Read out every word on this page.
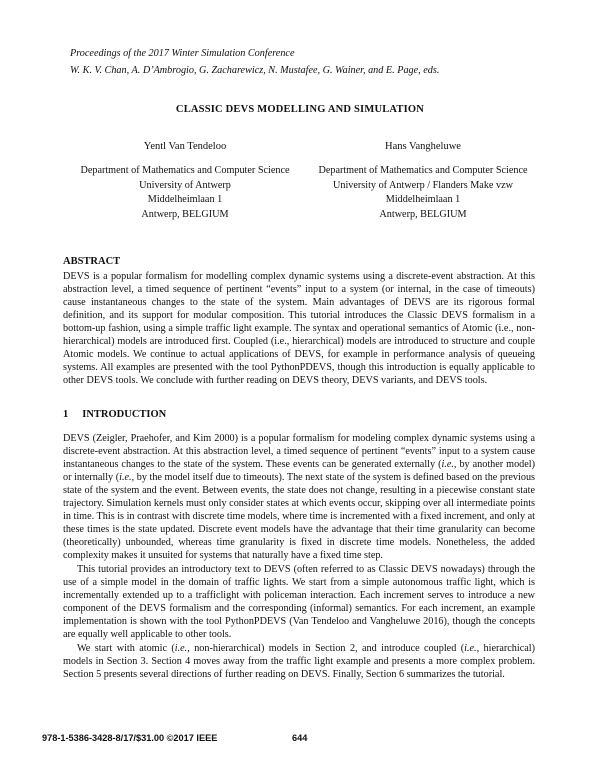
Proceedings of the 2017 Winter Simulation Conference
W. K. V. Chan, A. D’Ambrogio, G. Zacharewicz, N. Mustafee, G. Wainer, and E. Page, eds.
CLASSIC DEVS MODELLING AND SIMULATION
Yentl Van Tendeloo	Hans Vangheluwe
Department of Mathematics and Computer Science
University of Antwerp
Middelheimlaan 1
Antwerp, BELGIUM
Department of Mathematics and Computer Science
University of Antwerp / Flanders Make vzw
Middelheimlaan 1
Antwerp, BELGIUM
ABSTRACT
DEVS is a popular formalism for modelling complex dynamic systems using a discrete-event abstraction. At this abstraction level, a timed sequence of pertinent “events” input to a system (or internal, in the case of timeouts) cause instantaneous changes to the state of the system. Main advantages of DEVS are its rigorous formal definition, and its support for modular composition. This tutorial introduces the Classic DEVS formalism in a bottom-up fashion, using a simple traffic light example. The syntax and operational semantics of Atomic (i.e., non-hierarchical) models are introduced first. Coupled (i.e., hierarchical) models are introduced to structure and couple Atomic models. We continue to actual applications of DEVS, for example in performance analysis of queueing systems. All examples are presented with the tool PythonPDEVS, though this introduction is equally applicable to other DEVS tools. We conclude with further reading on DEVS theory, DEVS variants, and DEVS tools.
1 INTRODUCTION
DEVS (Zeigler, Praehofer, and Kim 2000) is a popular formalism for modeling complex dynamic systems using a discrete-event abstraction. At this abstraction level, a timed sequence of pertinent “events” input to a system cause instantaneous changes to the state of the system. These events can be generated externally (i.e., by another model) or internally (i.e., by the model itself due to timeouts). The next state of the system is defined based on the previous state of the system and the event. Between events, the state does not change, resulting in a piecewise constant state trajectory. Simulation kernels must only consider states at which events occur, skipping over all intermediate points in time. This is in contrast with discrete time models, where time is incremented with a fixed increment, and only at these times is the state updated. Discrete event models have the advantage that their time granularity can become (theoretically) unbounded, whereas time granularity is fixed in discrete time models. Nonetheless, the added complexity makes it unsuited for systems that naturally have a fixed time step.
This tutorial provides an introductory text to DEVS (often referred to as Classic DEVS nowadays) through the use of a simple model in the domain of traffic lights. We start from a simple autonomous traffic light, which is incrementally extended up to a trafficlight with policeman interaction. Each increment serves to introduce a new component of the DEVS formalism and the corresponding (informal) semantics. For each increment, an example implementation is shown with the tool PythonPDEVS (Van Tendeloo and Vangheluwe 2016), though the concepts are equally well applicable to other tools.
We start with atomic (i.e., non-hierarchical) models in Section 2, and introduce coupled (i.e., hierarchical) models in Section 3. Section 4 moves away from the traffic light example and presents a more complex problem. Section 5 presents several directions of further reading on DEVS. Finally, Section 6 summarizes the tutorial.
978-1-5386-3428-8/17/$31.00 ©2017 IEEE	644
